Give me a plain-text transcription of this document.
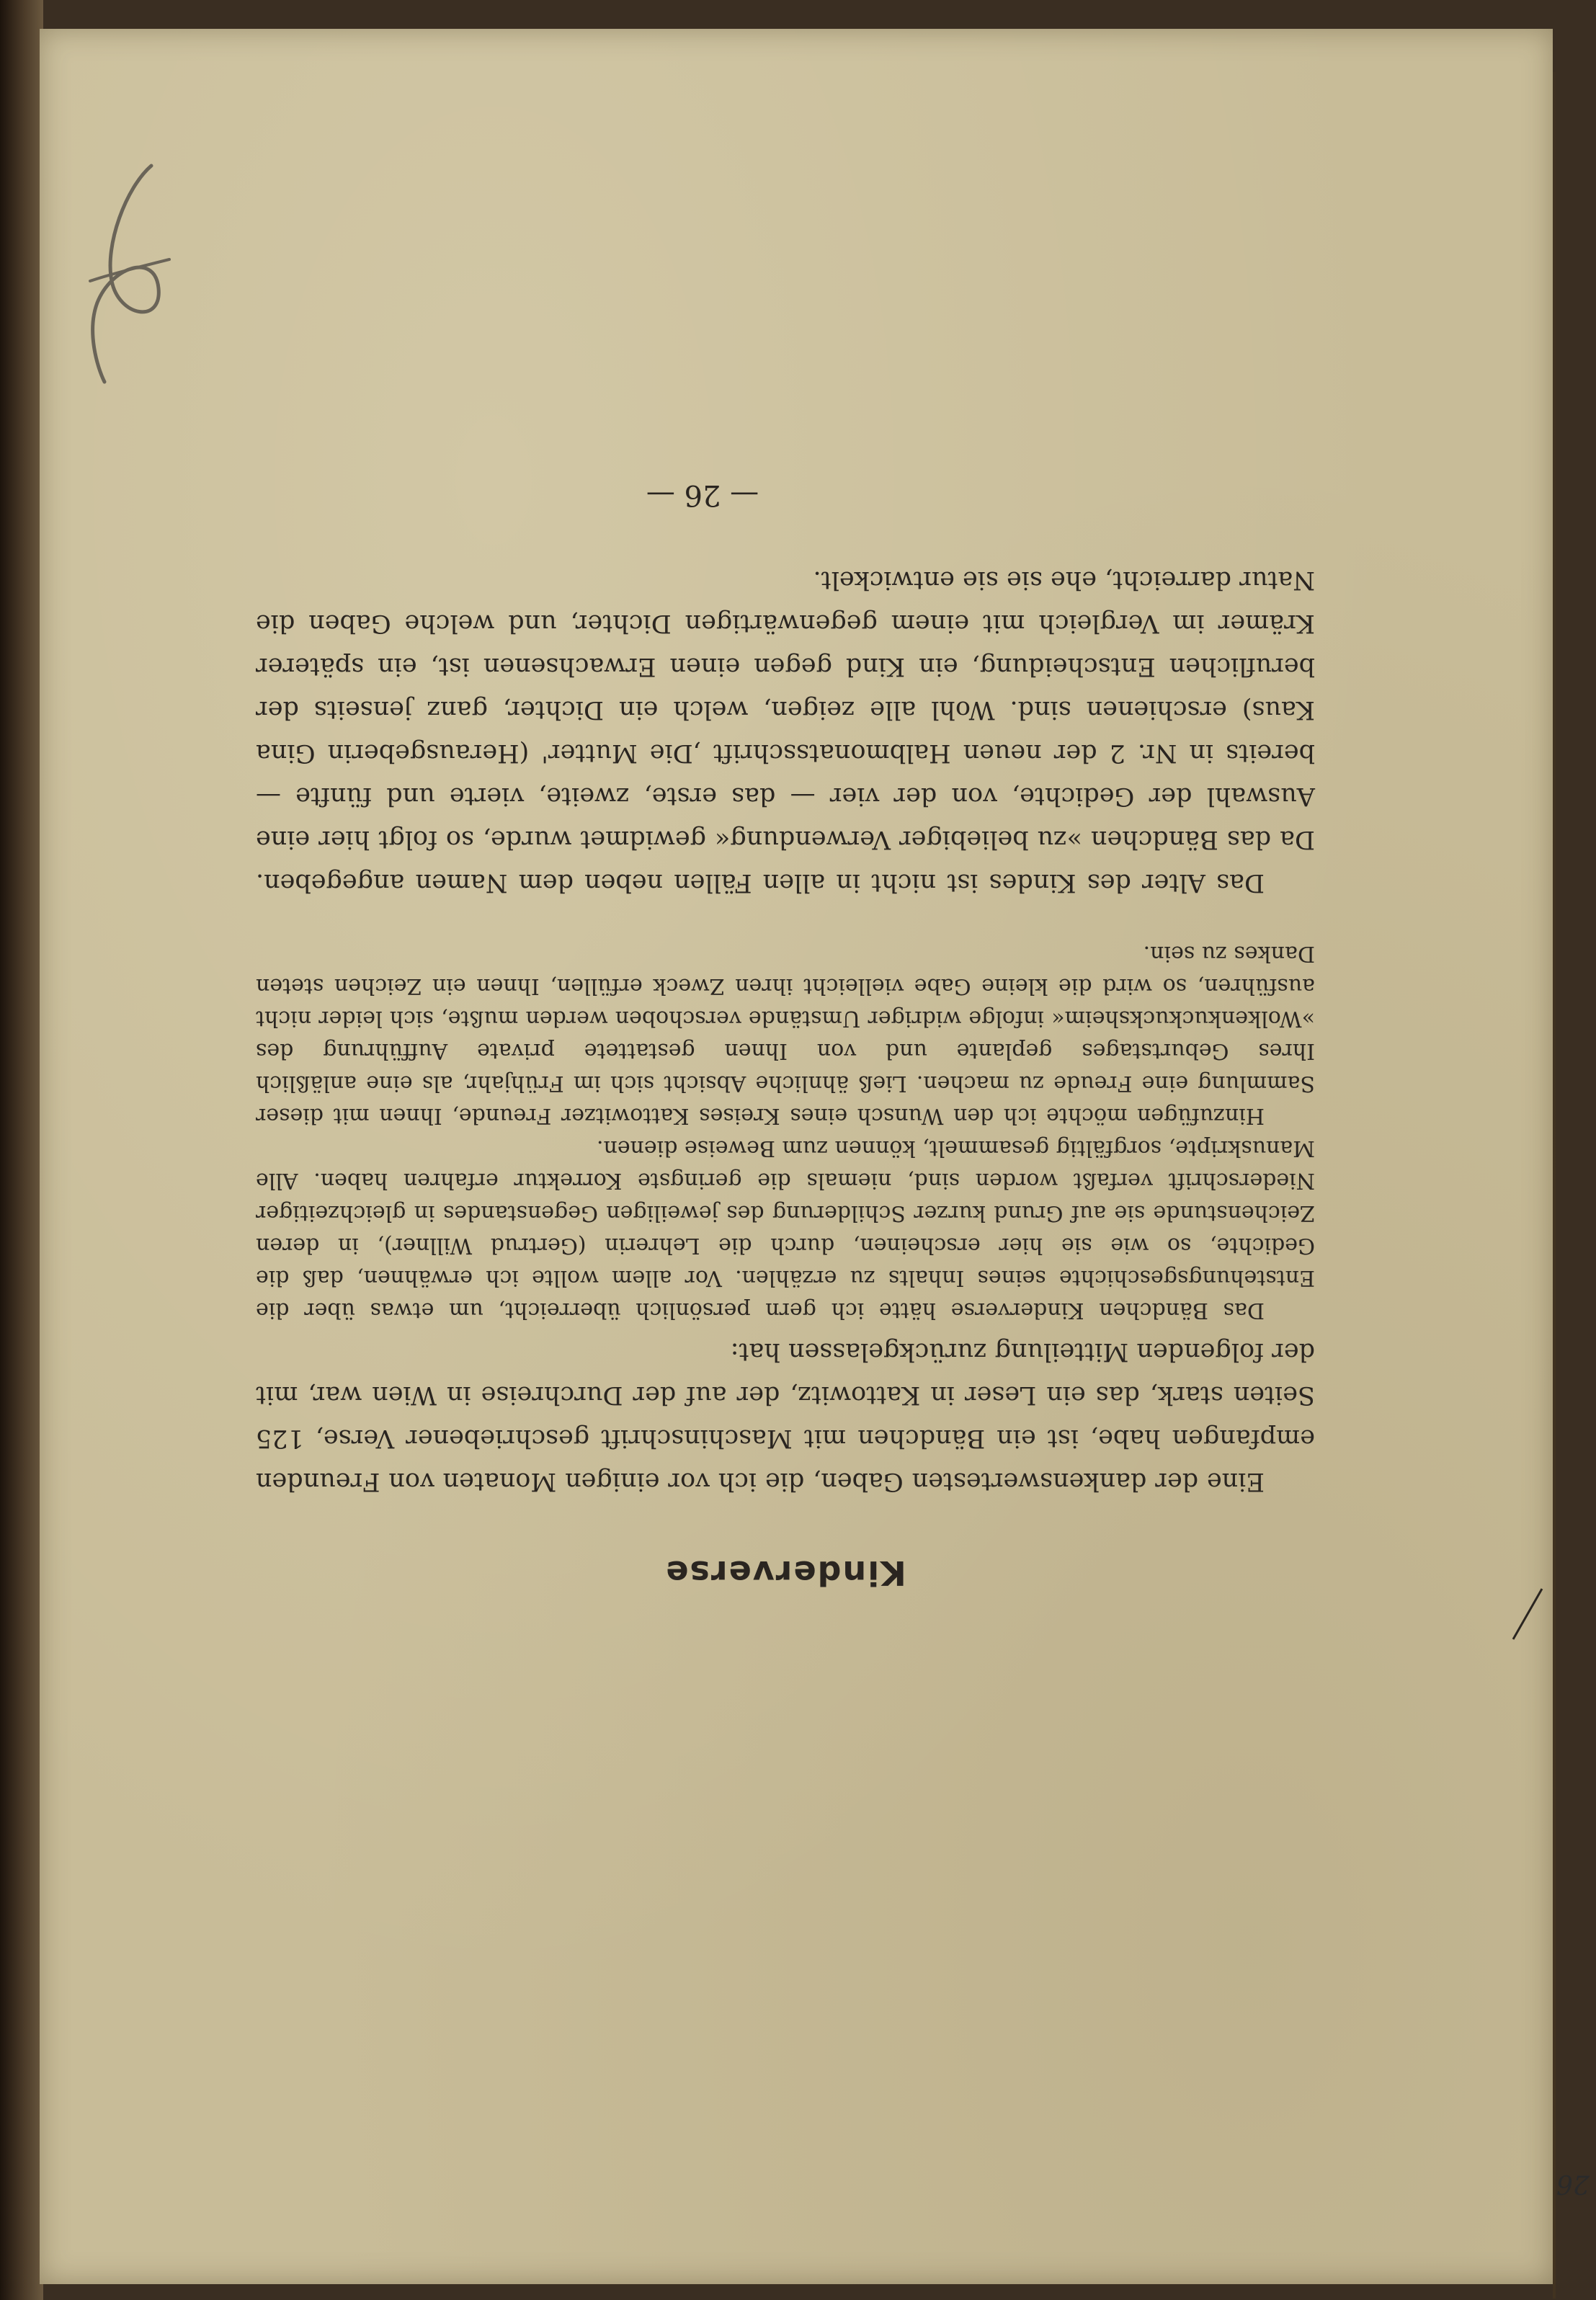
Kinderverse

Eine der dankenswertesten Gaben, die ich vor einigen Monaten von Freunden empfangen habe, ist ein Bändchen mit Maschinschrift geschriebener Verse, 125 Seiten stark, das ein Leser in Kattowitz, der auf der Durchreise in Wien war, mit der folgenden Mitteilung zurückgelassen hat:

Das Bändchen Kinderverse hätte ich gern persönlich überreicht, um etwas über die Entstehungsgeschichte seines Inhalts zu erzählen. Vor allem wollte ich erwähnen, daß die Gedichte, so wie sie hier erscheinen, durch die Lehrerin (Gertrud Willner), in deren Zeichenstunde sie auf Grund kurzer Schilderung des jeweiligen Gegenstandes in gleichzeitiger Niederschrift verfaßt worden sind, niemals die geringste Korrektur erfahren haben. Alle Manuskripte, sorgfältig gesammelt, können zum Beweise dienen.

Hinzufügen möchte ich den Wunsch eines Kreises Kattowitzer Freunde, Ihnen mit dieser Sammlung eine Freude zu machen. Ließ ähnliche Absicht sich im Frühjahr, als eine anläßlich Ihres Geburtstages geplante und von Ihnen gestattete private Aufführung des »Wolkenkuckucksheim« infolge widriger Umstände verschoben werden mußte, sich leider nicht ausführen, so wird die kleine Gabe vielleicht ihren Zweck erfüllen, Ihnen ein Zeichen steten Dankes zu sein.

Das Alter des Kindes ist nicht in allen Fällen neben dem Namen angegeben. Da das Bändchen »zu beliebiger Verwendung« gewidmet wurde, so folgt hier eine Auswahl der Gedichte, von der vier — das erste, zweite, vierte und fünfte — bereits in Nr. 2 der neuen Halbmonatsschrift ‚Die Mutter' (Herausgeberin Gina Kaus) erschienen sind. Wohl alle zeigen, welch ein Dichter, ganz jenseits der beruflichen Entscheidung, ein Kind gegen einen Erwachsenen ist, ein späterer Krämer im Vergleich mit einem gegenwärtigen Dichter, und welche Gaben die Natur darreicht, ehe sie sie entwickelt.

— 26 —
26
